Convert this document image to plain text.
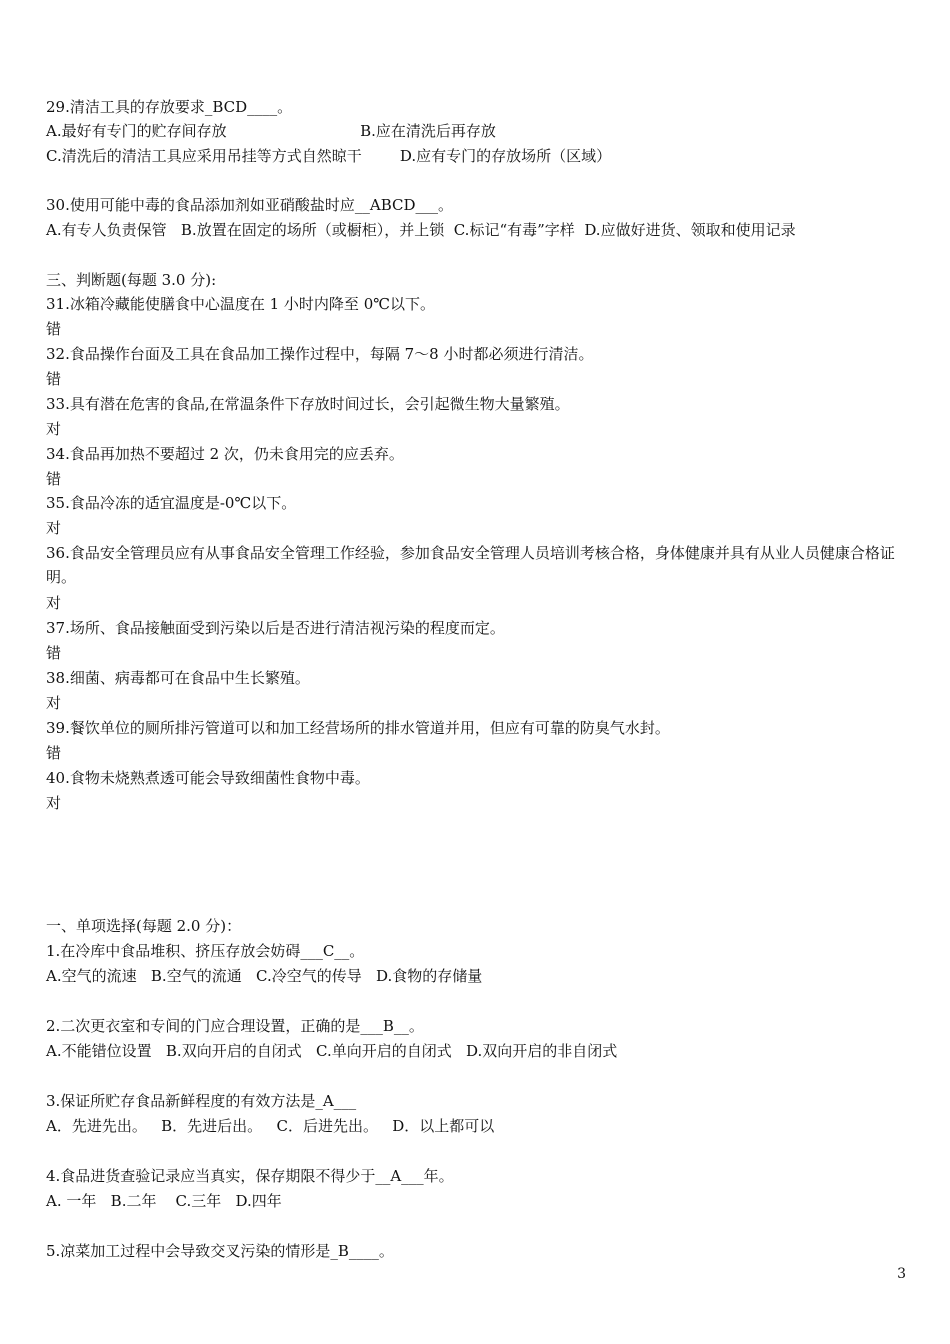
29.清洁工具的存放要求_BCD____。
A.最好有专门的贮存间存放                            B.应在清洗后再存放
C.清洗后的清洁工具应采用吊挂等方式自然晾干        D.应有专门的存放场所（区域）
30.使用可能中毒的食品添加剂如亚硝酸盐时应__ABCD___。
A.有专人负责保管   B.放置在固定的场所（或橱柜），并上锁  C.标记“有毒”字样  D.应做好进货、领取和使用记录
三、判断题(每题 3.0 分):
31.冰箱冷藏能使膳食中心温度在 1 小时内降至 0℃以下。
错
32.食品操作台面及工具在食品加工操作过程中，每隔 7～8 小时都必须进行清洁。
错
33.具有潜在危害的食品,在常温条件下存放时间过长，会引起微生物大量繁殖。
对
34.食品再加热不要超过 2 次，仍未食用完的应丢弃。
错
35.食品冷冻的适宜温度是-0℃以下。
对
36.食品安全管理员应有从事食品安全管理工作经验，参加食品安全管理人员培训考核合格，身体健康并具有从业人员健康合格证明。
对
37.场所、食品接触面受到污染以后是否进行清洁视污染的程度而定。
错
38.细菌、病毒都可在食品中生长繁殖。
对
39.餐饮单位的厕所排污管道可以和加工经营场所的排水管道并用，但应有可靠的防臭气水封。
错
40.食物未烧熟煮透可能会导致细菌性食物中毒。
对
一、单项选择(每题 2.0 分)：
1.在冷库中食品堆积、挤压存放会妨碍___C__。
A.空气的流速   B.空气的流通   C.冷空气的传导   D.食物的存储量
2.二次更衣室和专间的门应合理设置，正确的是___B__。
A.不能错位设置   B.双向开启的自闭式   C.单向开启的自闭式   D.双向开启的非自闭式
3.保证所贮存食品新鲜程度的有效方法是_A___
A．先进先出。   B．先进后出。   C．后进先出。   D．以上都可以
4.食品进货查验记录应当真实，保存期限不得少于__A___年。
A. 一年   B.二年    C.三年   D.四年
5.凉菜加工过程中会导致交叉污染的情形是_B____。
3
